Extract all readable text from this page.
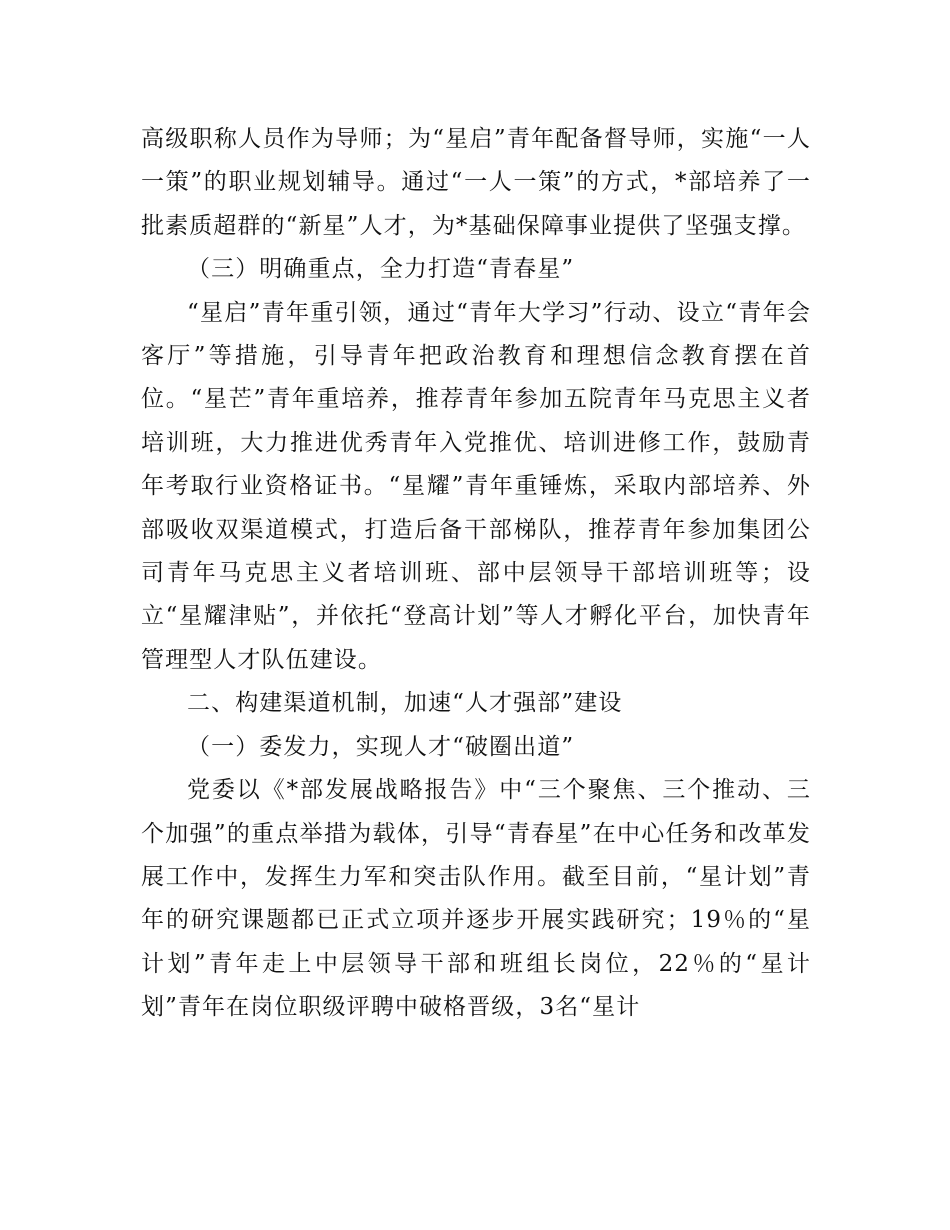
高级职称人员作为导师；为“星启”青年配备督导师，实施“一人一策”的职业规划辅导。通过“一人一策”的方式，*部培养了一批素质超群的“新星”人才，为*基础保障事业提供了坚强支撑。

（三）明确重点，全力打造“青春星”

“星启”青年重引领，通过“青年大学习”行动、设立“青年会客厅”等措施，引导青年把政治教育和理想信念教育摆在首位。“星芒”青年重培养，推荐青年参加五院青年马克思主义者培训班，大力推进优秀青年入党推优、培训进修工作，鼓励青年考取行业资格证书。“星耀”青年重锤炼，采取内部培养、外部吸收双渠道模式，打造后备干部梯队，推荐青年参加集团公司青年马克思主义者培训班、部中层领导干部培训班等；设立“星耀津贴”，并依托“登高计划”等人才孵化平台，加快青年管理型人才队伍建设。

二、构建渠道机制，加速“人才强部”建设

（一）委发力，实现人才“破圈出道”

党委以《*部发展战略报告》中“三个聚焦、三个推动、三个加强”的重点举措为载体，引导“青春星”在中心任务和改革发展工作中，发挥生力军和突击队作用。截至目前，“星计划”青年的研究课题都已正式立项并逐步开展实践研究；19％的“星计划”青年走上中层领导干部和班组长岗位，22％的“星计划”青年在岗位职级评聘中破格晋级，3名“星计
